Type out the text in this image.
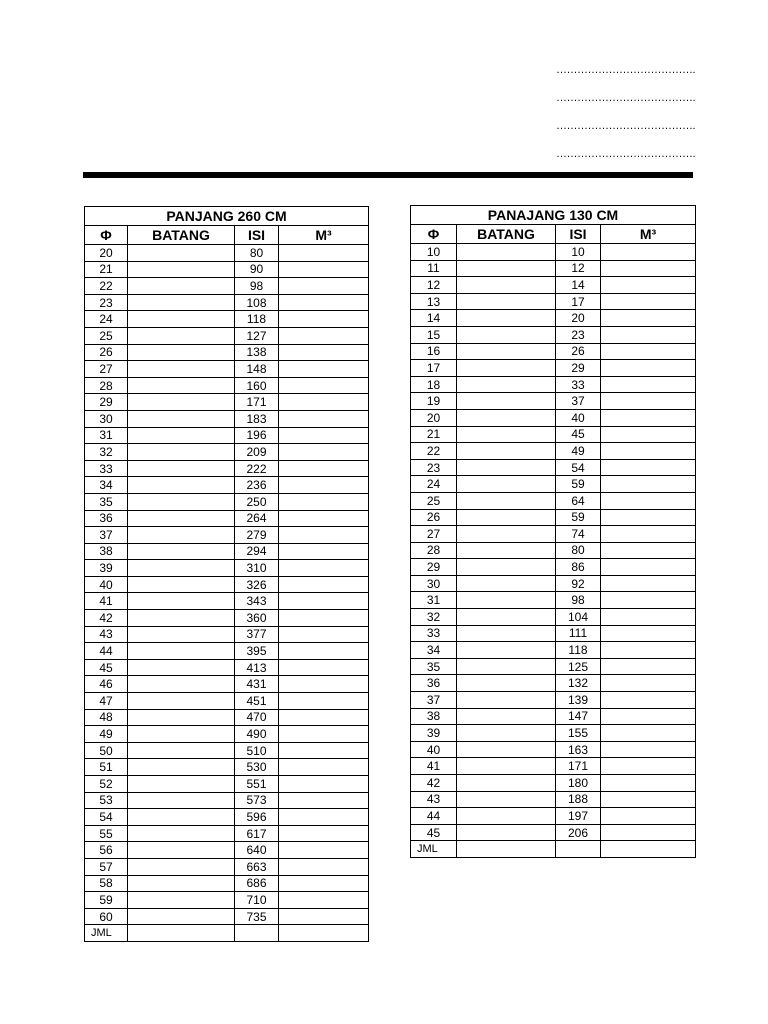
………………………………….
………………………………….
………………………………….
………………………………….
PANJANG 260 CM			
Φ	BATANG	ISI	M³
20		80	
21		90	
22		98	
23		108	
24		118	
25		127	
26		138	
27		148	
28		160	
29		171	
30		183	
31		196	
32		209	
33		222	
34		236	
35		250	
36		264	
37		279	
38		294	
39		310	
40		326	
41		343	
42		360	
43		377	
44		395	
45		413	
46		431	
47		451	
48		470	
49		490	
50		510	
51		530	
52		551	
53		573	
54		596	
55		617	
56		640	
57		663	
58		686	
59		710	
60		735	
JML			
PANAJANG 130 CM			
Φ	BATANG	ISI	M³
10		10	
11		12	
12		14	
13		17	
14		20	
15		23	
16		26	
17		29	
18		33	
19		37	
20		40	
21		45	
22		49	
23		54	
24		59	
25		64	
26		59	
27		74	
28		80	
29		86	
30		92	
31		98	
32		104	
33		111	
34		118	
35		125	
36		132	
37		139	
38		147	
39		155	
40		163	
41		171	
42		180	
43		188	
44		197	
45		206	
JML			
